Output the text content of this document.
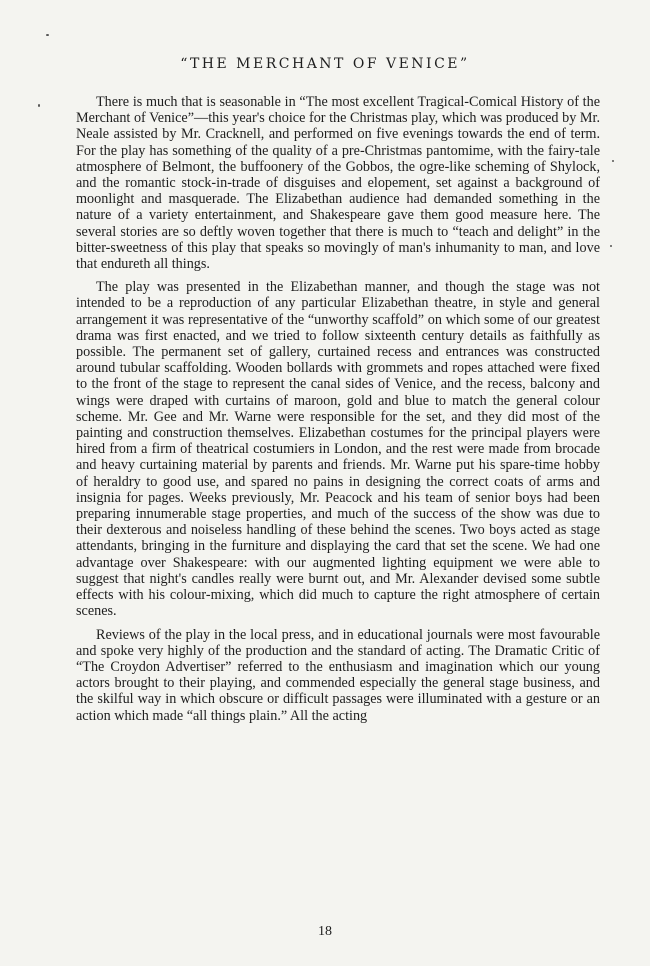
“THE MERCHANT OF VENICE”

There is much that is seasonable in “The most excellent Tragical-Comical History of the Merchant of Venice”—this year's choice for the Christmas play, which was produced by Mr. Neale assisted by Mr. Cracknell, and performed on five evenings towards the end of term. For the play has something of the quality of a pre-Christmas pantomime, with the fairy-tale atmosphere of Belmont, the buffoonery of the Gobbos, the ogre-like scheming of Shylock, and the romantic stock-in-trade of disguises and elopement, set against a background of moonlight and masquerade. The Elizabethan audience had demanded something in the nature of a variety entertainment, and Shakespeare gave them good measure here. The several stories are so deftly woven together that there is much to “teach and delight” in the bitter-sweetness of this play that speaks so movingly of man's inhumanity to man, and love that endureth all things.

The play was presented in the Elizabethan manner, and though the stage was not intended to be a reproduction of any particular Elizabethan theatre, in style and general arrangement it was representative of the “unworthy scaffold” on which some of our greatest drama was first enacted, and we tried to follow sixteenth century details as faithfully as possible. The permanent set of gallery, curtained recess and entrances was constructed around tubular scaffolding. Wooden bollards with grommets and ropes attached were fixed to the front of the stage to represent the canal sides of Venice, and the recess, balcony and wings were draped with curtains of maroon, gold and blue to match the general colour scheme. Mr. Gee and Mr. Warne were responsible for the set, and they did most of the painting and construction themselves. Elizabethan costumes for the principal players were hired from a firm of theatrical costumiers in London, and the rest were made from brocade and heavy curtaining material by parents and friends. Mr. Warne put his spare-time hobby of heraldry to good use, and spared no pains in designing the correct coats of arms and insignia for pages. Weeks previously, Mr. Peacock and his team of senior boys had been preparing innumerable stage properties, and much of the success of the show was due to their dexterous and noiseless handling of these behind the scenes. Two boys acted as stage attendants, bringing in the furniture and displaying the card that set the scene. We had one advantage over Shakespeare: with our augmented lighting equipment we were able to suggest that night's candles really were burnt out, and Mr. Alexander devised some subtle effects with his colour-mixing, which did much to capture the right atmosphere of certain scenes.

Reviews of the play in the local press, and in educational journals were most favourable and spoke very highly of the production and the standard of acting. The Dramatic Critic of “The Croydon Advertiser” referred to the enthusiasm and imagination which our young actors brought to their playing, and commended especially the general stage business, and the skilful way in which obscure or difficult passages were illuminated with a gesture or an action which made “all things plain.” All the acting

18
